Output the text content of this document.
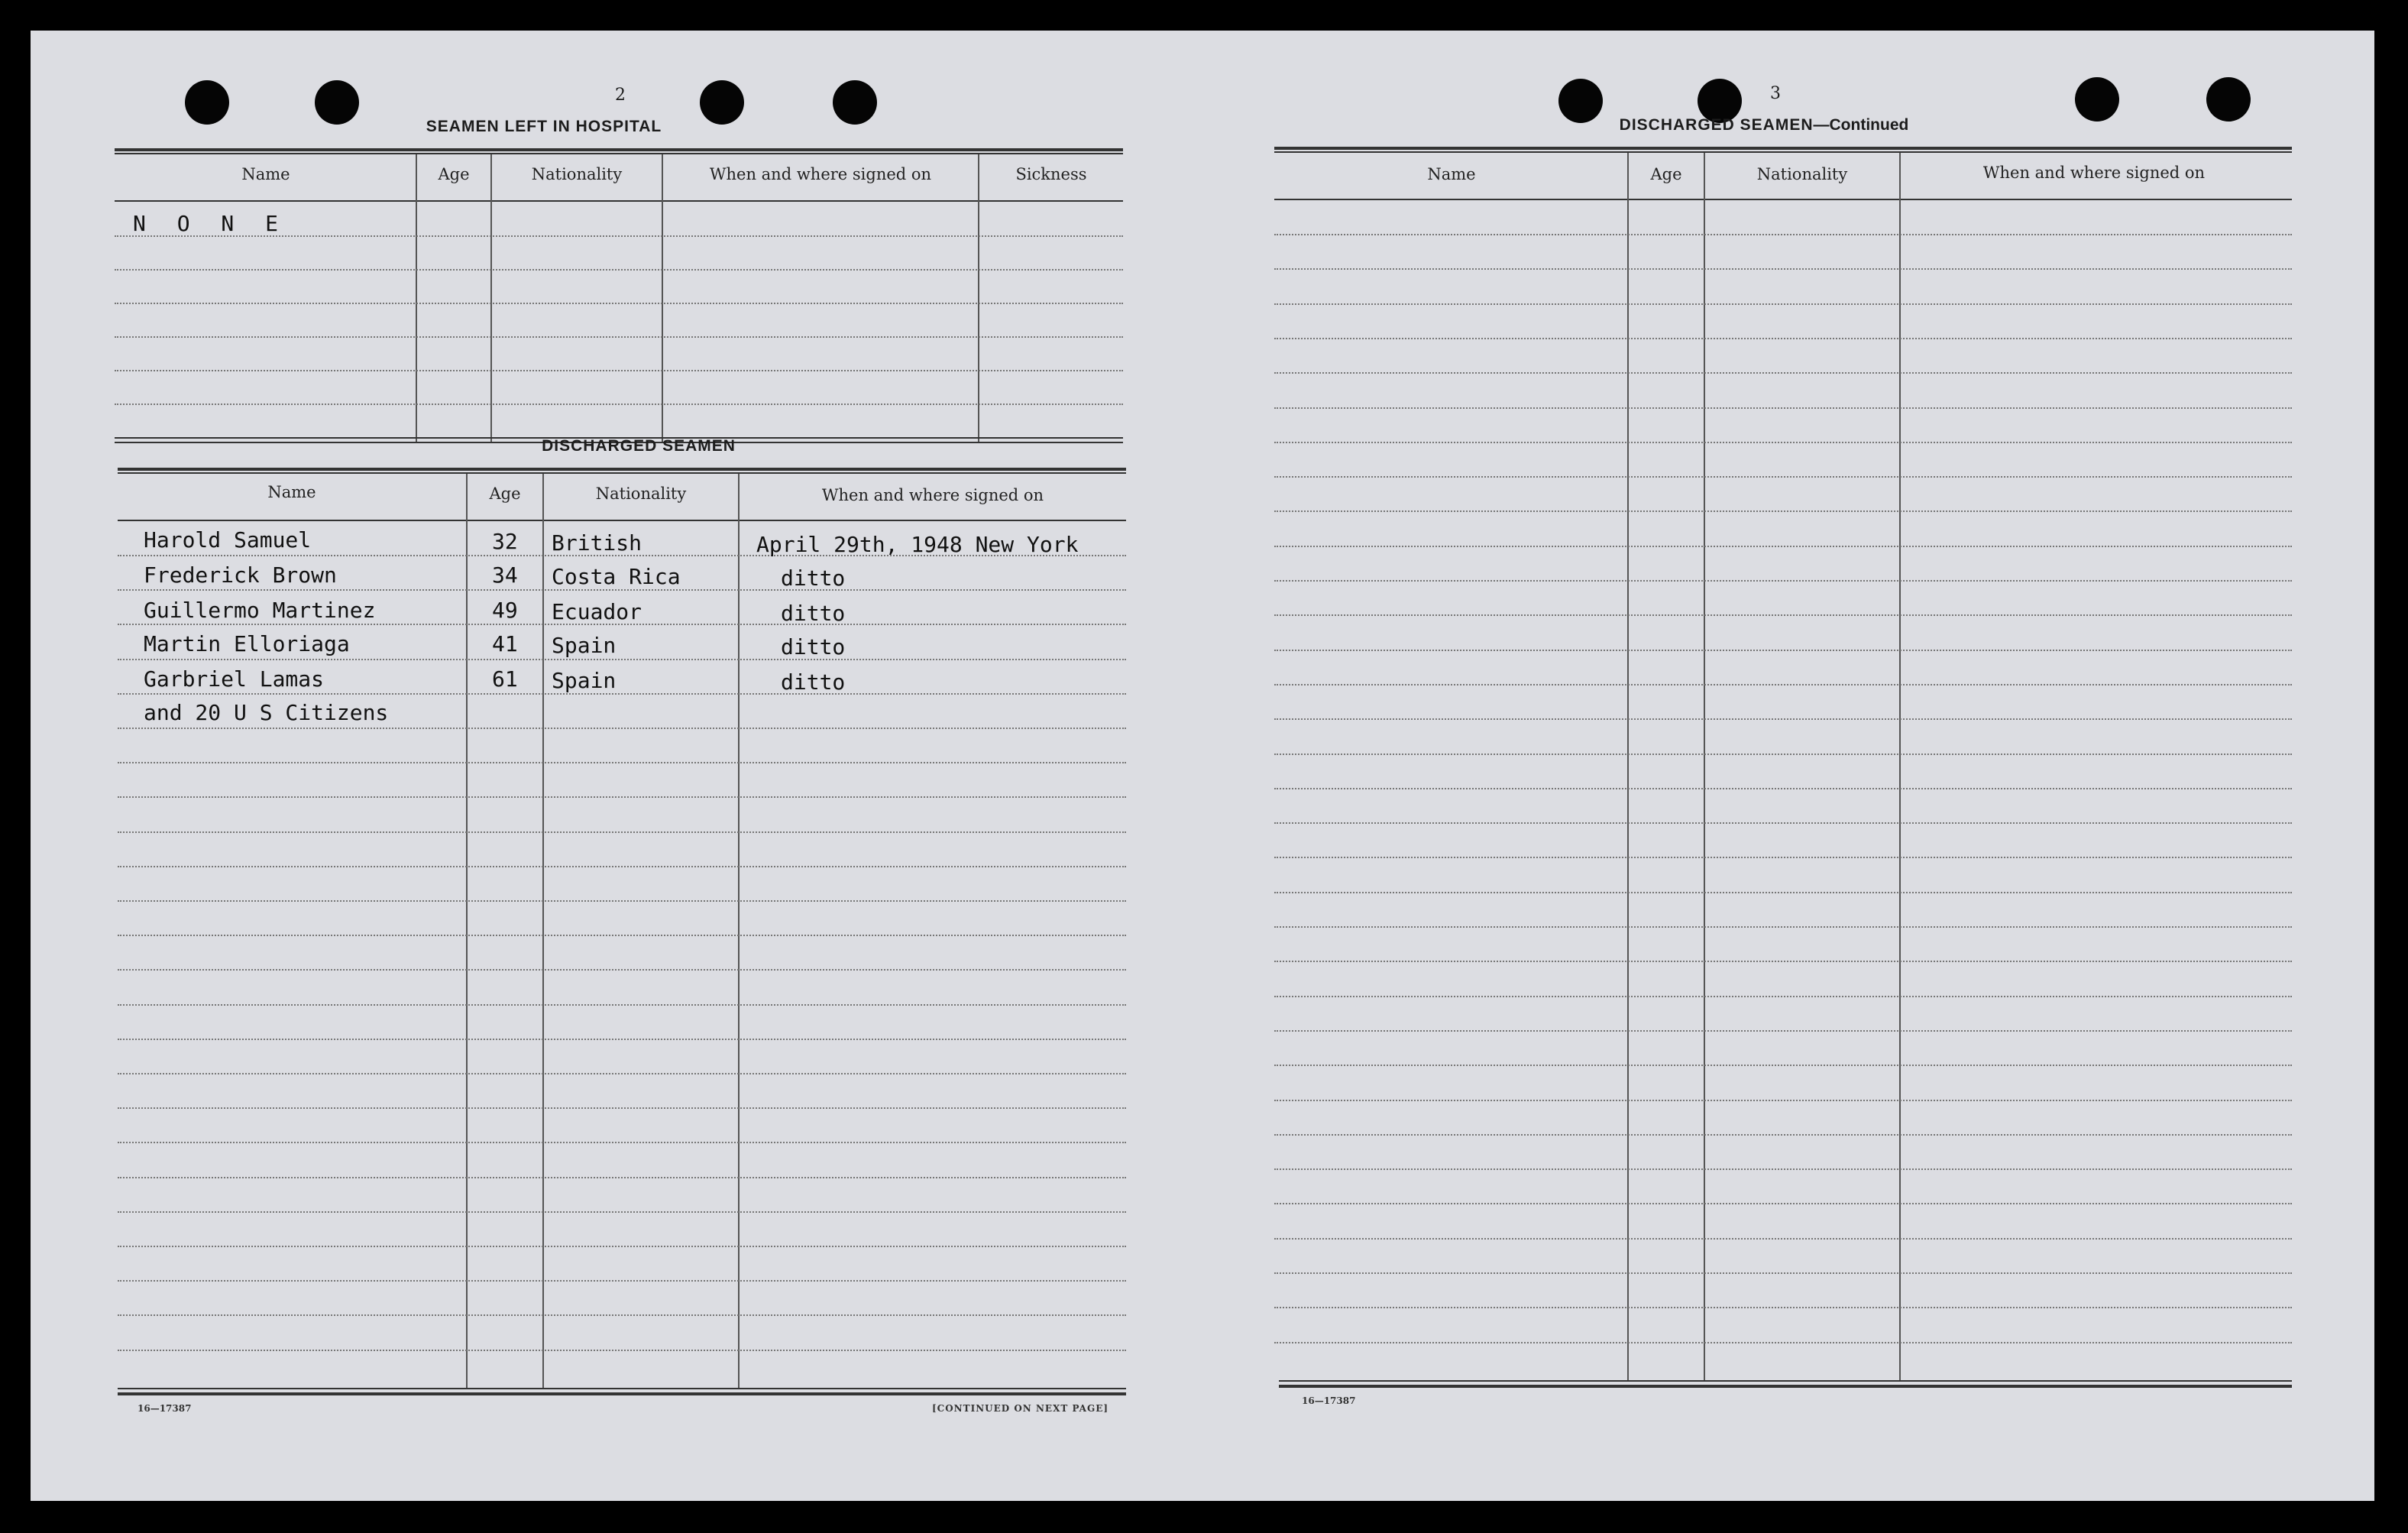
2
SEAMEN LEFT IN HOSPITAL
Name	Age	Nationality	When and where signed on	Sickness
N O N E
DISCHARGED SEAMEN
Name	Age	Nationality	When and where signed on
Harold Samuel	32 British	April 29th, 1948 New York
Frederick Brown	34 Costa Rica	ditto
Guillermo Martinez	49 Ecuador	ditto
Martin Elloriaga	41 Spain	ditto
Garbriel Lamas	61 Spain	ditto
and 20 U S Citizens
16—17387	[CONTINUED ON NEXT PAGE]
3
DISCHARGED SEAMEN—Continued
Name	Age	Nationality	When and where signed on
16—17387
